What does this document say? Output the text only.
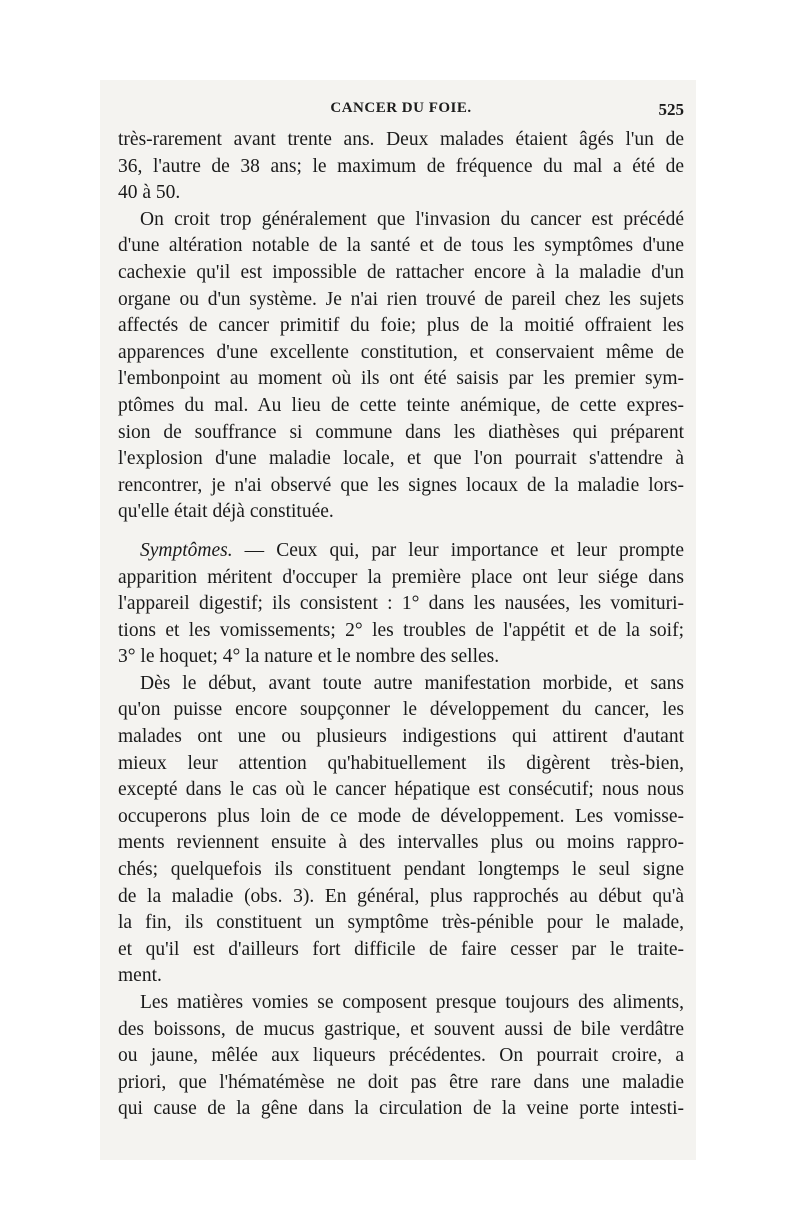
CANCER DU FOIE.	525

très-rarement avant trente ans. Deux malades étaient âgés l'un de
36, l'autre de 38 ans; le maximum de fréquence du mal a été de
40 à 50.

On croit trop généralement que l'invasion du cancer est précédé
d'une altération notable de la santé et de tous les symptômes d'une
cachexie qu'il est impossible de rattacher encore à la maladie d'un
organe ou d'un système. Je n'ai rien trouvé de pareil chez les sujets
affectés de cancer primitif du foie; plus de la moitié offraient les
apparences d'une excellente constitution, et conservaient même de
l'embonpoint au moment où ils ont été saisis par les premier sym-
ptômes du mal. Au lieu de cette teinte anémique, de cette expres-
sion de souffrance si commune dans les diathèses qui préparent
l'explosion d'une maladie locale, et que l'on pourrait s'attendre à
rencontrer, je n'ai observé que les signes locaux de la maladie lors-
qu'elle était déjà constituée.

Symptômes. — Ceux qui, par leur importance et leur prompte
apparition méritent d'occuper la première place ont leur siége dans
l'appareil digestif; ils consistent : 1° dans les nausées, les vomituri-
tions et les vomissements; 2° les troubles de l'appétit et de la soif;
3° le hoquet; 4° la nature et le nombre des selles.

Dès le début, avant toute autre manifestation morbide, et sans
qu'on puisse encore soupçonner le développement du cancer, les
malades ont une ou plusieurs indigestions qui attirent d'autant
mieux leur attention qu'habituellement ils digèrent très-bien,
excepté dans le cas où le cancer hépatique est consécutif; nous nous
occuperons plus loin de ce mode de développement. Les vomisse-
ments reviennent ensuite à des intervalles plus ou moins rappro-
chés; quelquefois ils constituent pendant longtemps le seul signe
de la maladie (obs. 3). En général, plus rapprochés au début qu'à
la fin, ils constituent un symptôme très-pénible pour le malade,
et qu'il est d'ailleurs fort difficile de faire cesser par le traite-
ment.

Les matières vomies se composent presque toujours des aliments,
des boissons, de mucus gastrique, et souvent aussi de bile verdâtre
ou jaune, mêlée aux liqueurs précédentes. On pourrait croire, a
priori, que l'hématémèse ne doit pas être rare dans une maladie
qui cause de la gêne dans la circulation de la veine porte intesti-
